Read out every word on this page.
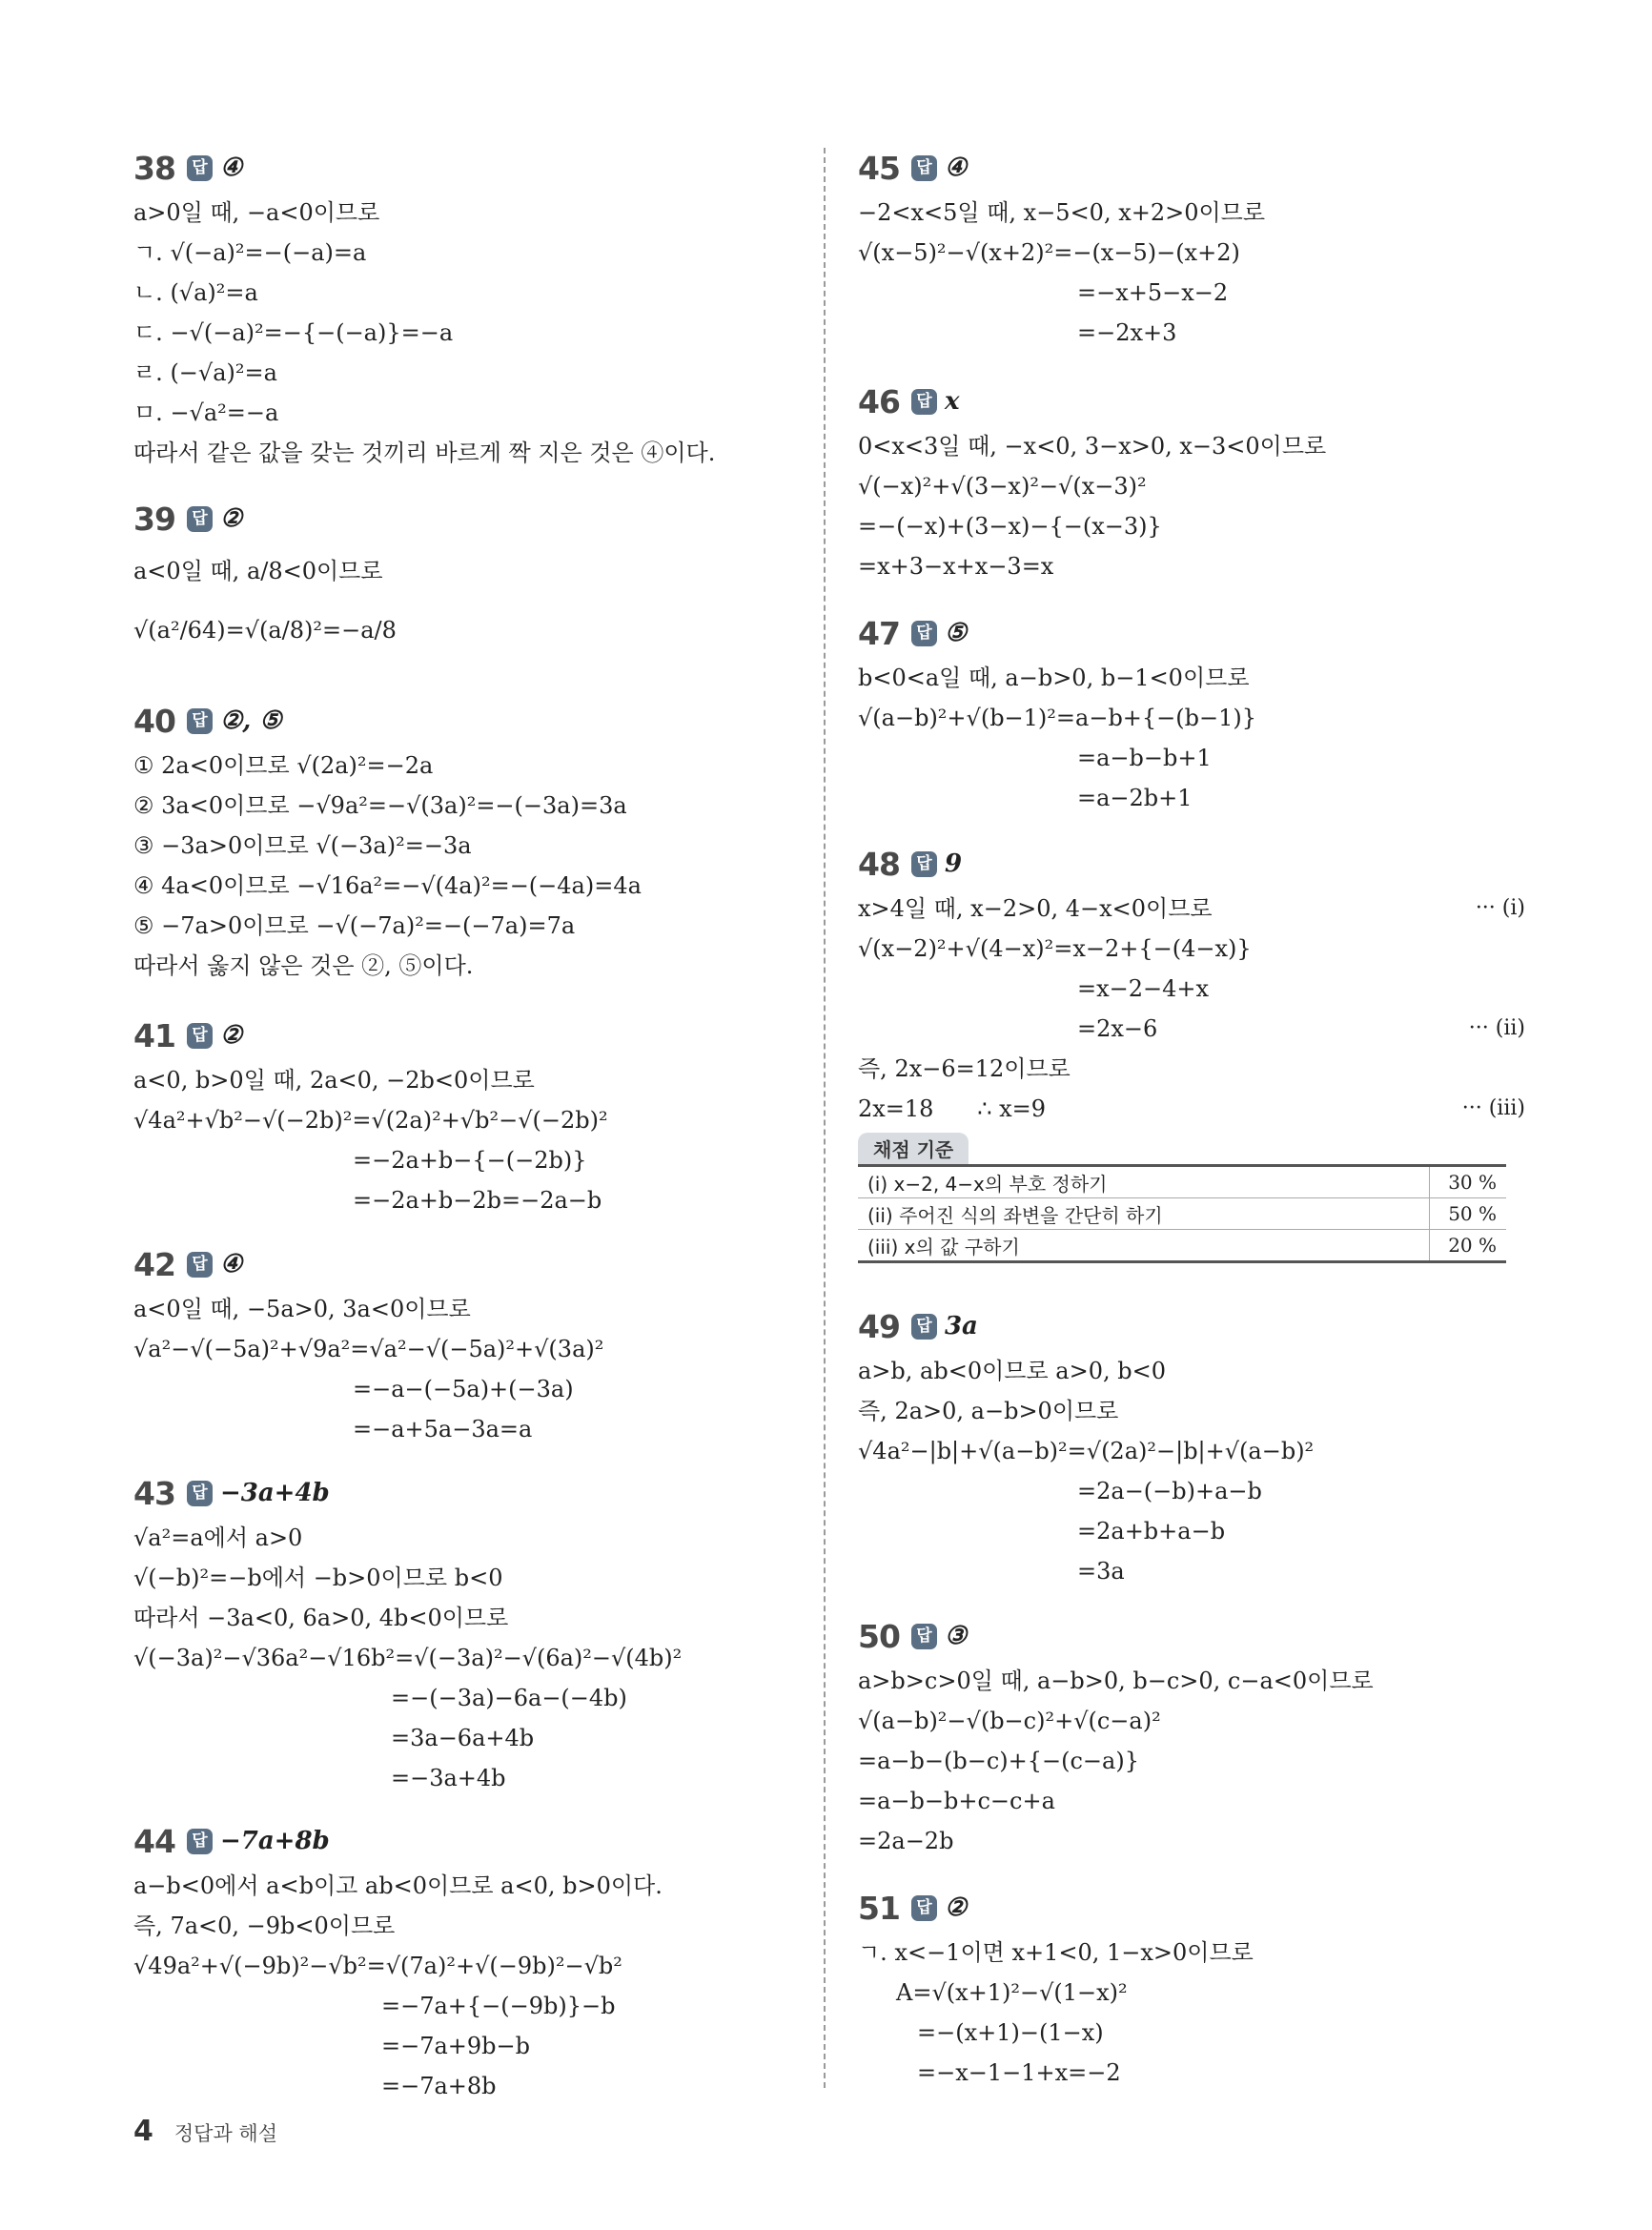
38	답 ④
a>0일 때, −a<0이므로
ㄱ. √(−a)²=−(−a)=a
ㄴ. (√a)²=a
ㄷ. −√(−a)²=−{−(−a)}=−a
ㄹ. (−√a)²=a
ㅁ. −√a²=−a
따라서 같은 값을 갖는 것끼리 바르게 짝 지은 것은 ④이다.
39	답 ②
a<0일 때, a/8<0이므로
√(a²/64)=√(a/8)²=−a/8
40	답 ②, ⑤
① 2a<0이므로 √(2a)²=−2a
② 3a<0이므로 −√9a²=−√(3a)²=−(−3a)=3a
③ −3a>0이므로 √(−3a)²=−3a
④ 4a<0이므로 −√16a²=−√(4a)²=−(−4a)=4a
⑤ −7a>0이므로 −√(−7a)²=−(−7a)=7a
따라서 옳지 않은 것은 ②, ⑤이다.
41	답 ②
a<0, b>0일 때, 2a<0, −2b<0이므로
√4a²+√b²−√(−2b)²=√(2a)²+√b²−√(−2b)²
=−2a+b−{−(−2b)}
=−2a+b−2b=−2a−b
42	답 ④
a<0일 때, −5a>0, 3a<0이므로
√a²−√(−5a)²+√9a²=√a²−√(−5a)²+√(3a)²
=−a−(−5a)+(−3a)
=−a+5a−3a=a
43	답 −3a+4b
√a²=a에서 a>0
√(−b)²=−b에서 −b>0이므로 b<0
따라서 −3a<0, 6a>0, 4b<0이므로
√(−3a)²−√36a²−√16b²=√(−3a)²−√(6a)²−√(4b)²
=−(−3a)−6a−(−4b)
=3a−6a+4b
=−3a+4b
44	답 −7a+8b
a−b<0에서 a<b이고 ab<0이므로 a<0, b>0이다.
즉, 7a<0, −9b<0이므로
√49a²+√(−9b)²−√b²=√(7a)²+√(−9b)²−√b²
=−7a+{−(−9b)}−b
=−7a+9b−b
=−7a+8b
45	답 ④
−2<x<5일 때, x−5<0, x+2>0이므로
√(x−5)²−√(x+2)²=−(x−5)−(x+2)
=−x+5−x−2
=−2x+3
46	답 x
0<x<3일 때, −x<0, 3−x>0, x−3<0이므로
√(−x)²+√(3−x)²−√(x−3)²
=−(−x)+(3−x)−{−(x−3)}
=x+3−x+x−3=x
47	답 ⑤
b<0<a일 때, a−b>0, b−1<0이므로
√(a−b)²+√(b−1)²=a−b+{−(b−1)}
=a−b−b+1
=a−2b+1
48	답 9
x>4일 때, x−2>0, 4−x<0이므로	··· (i)
√(x−2)²+√(4−x)²=x−2+{−(4−x)}
=x−2−4+x
=2x−6	··· (ii)
즉, 2x−6=12이므로
2x=18      ∴ x=9	··· (iii)
채점 기준
(i) x−2, 4−x의 부호 정하기	30 %
(ii) 주어진 식의 좌변을 간단히 하기	50 %
(iii) x의 값 구하기	20 %
49	답 3a
a>b, ab<0이므로 a>0, b<0
즉, 2a>0, a−b>0이므로
√4a²−|b|+√(a−b)²=√(2a)²−|b|+√(a−b)²
=2a−(−b)+a−b
=2a+b+a−b
=3a
50	답 ③
a>b>c>0일 때, a−b>0, b−c>0, c−a<0이므로
√(a−b)²−√(b−c)²+√(c−a)²
=a−b−(b−c)+{−(c−a)}
=a−b−b+c−c+a
=2a−2b
51	답 ②
ㄱ. x<−1이면 x+1<0, 1−x>0이므로
A=√(x+1)²−√(1−x)²
=−(x+1)−(1−x)
=−x−1−1+x=−2
4 정답과 해설
